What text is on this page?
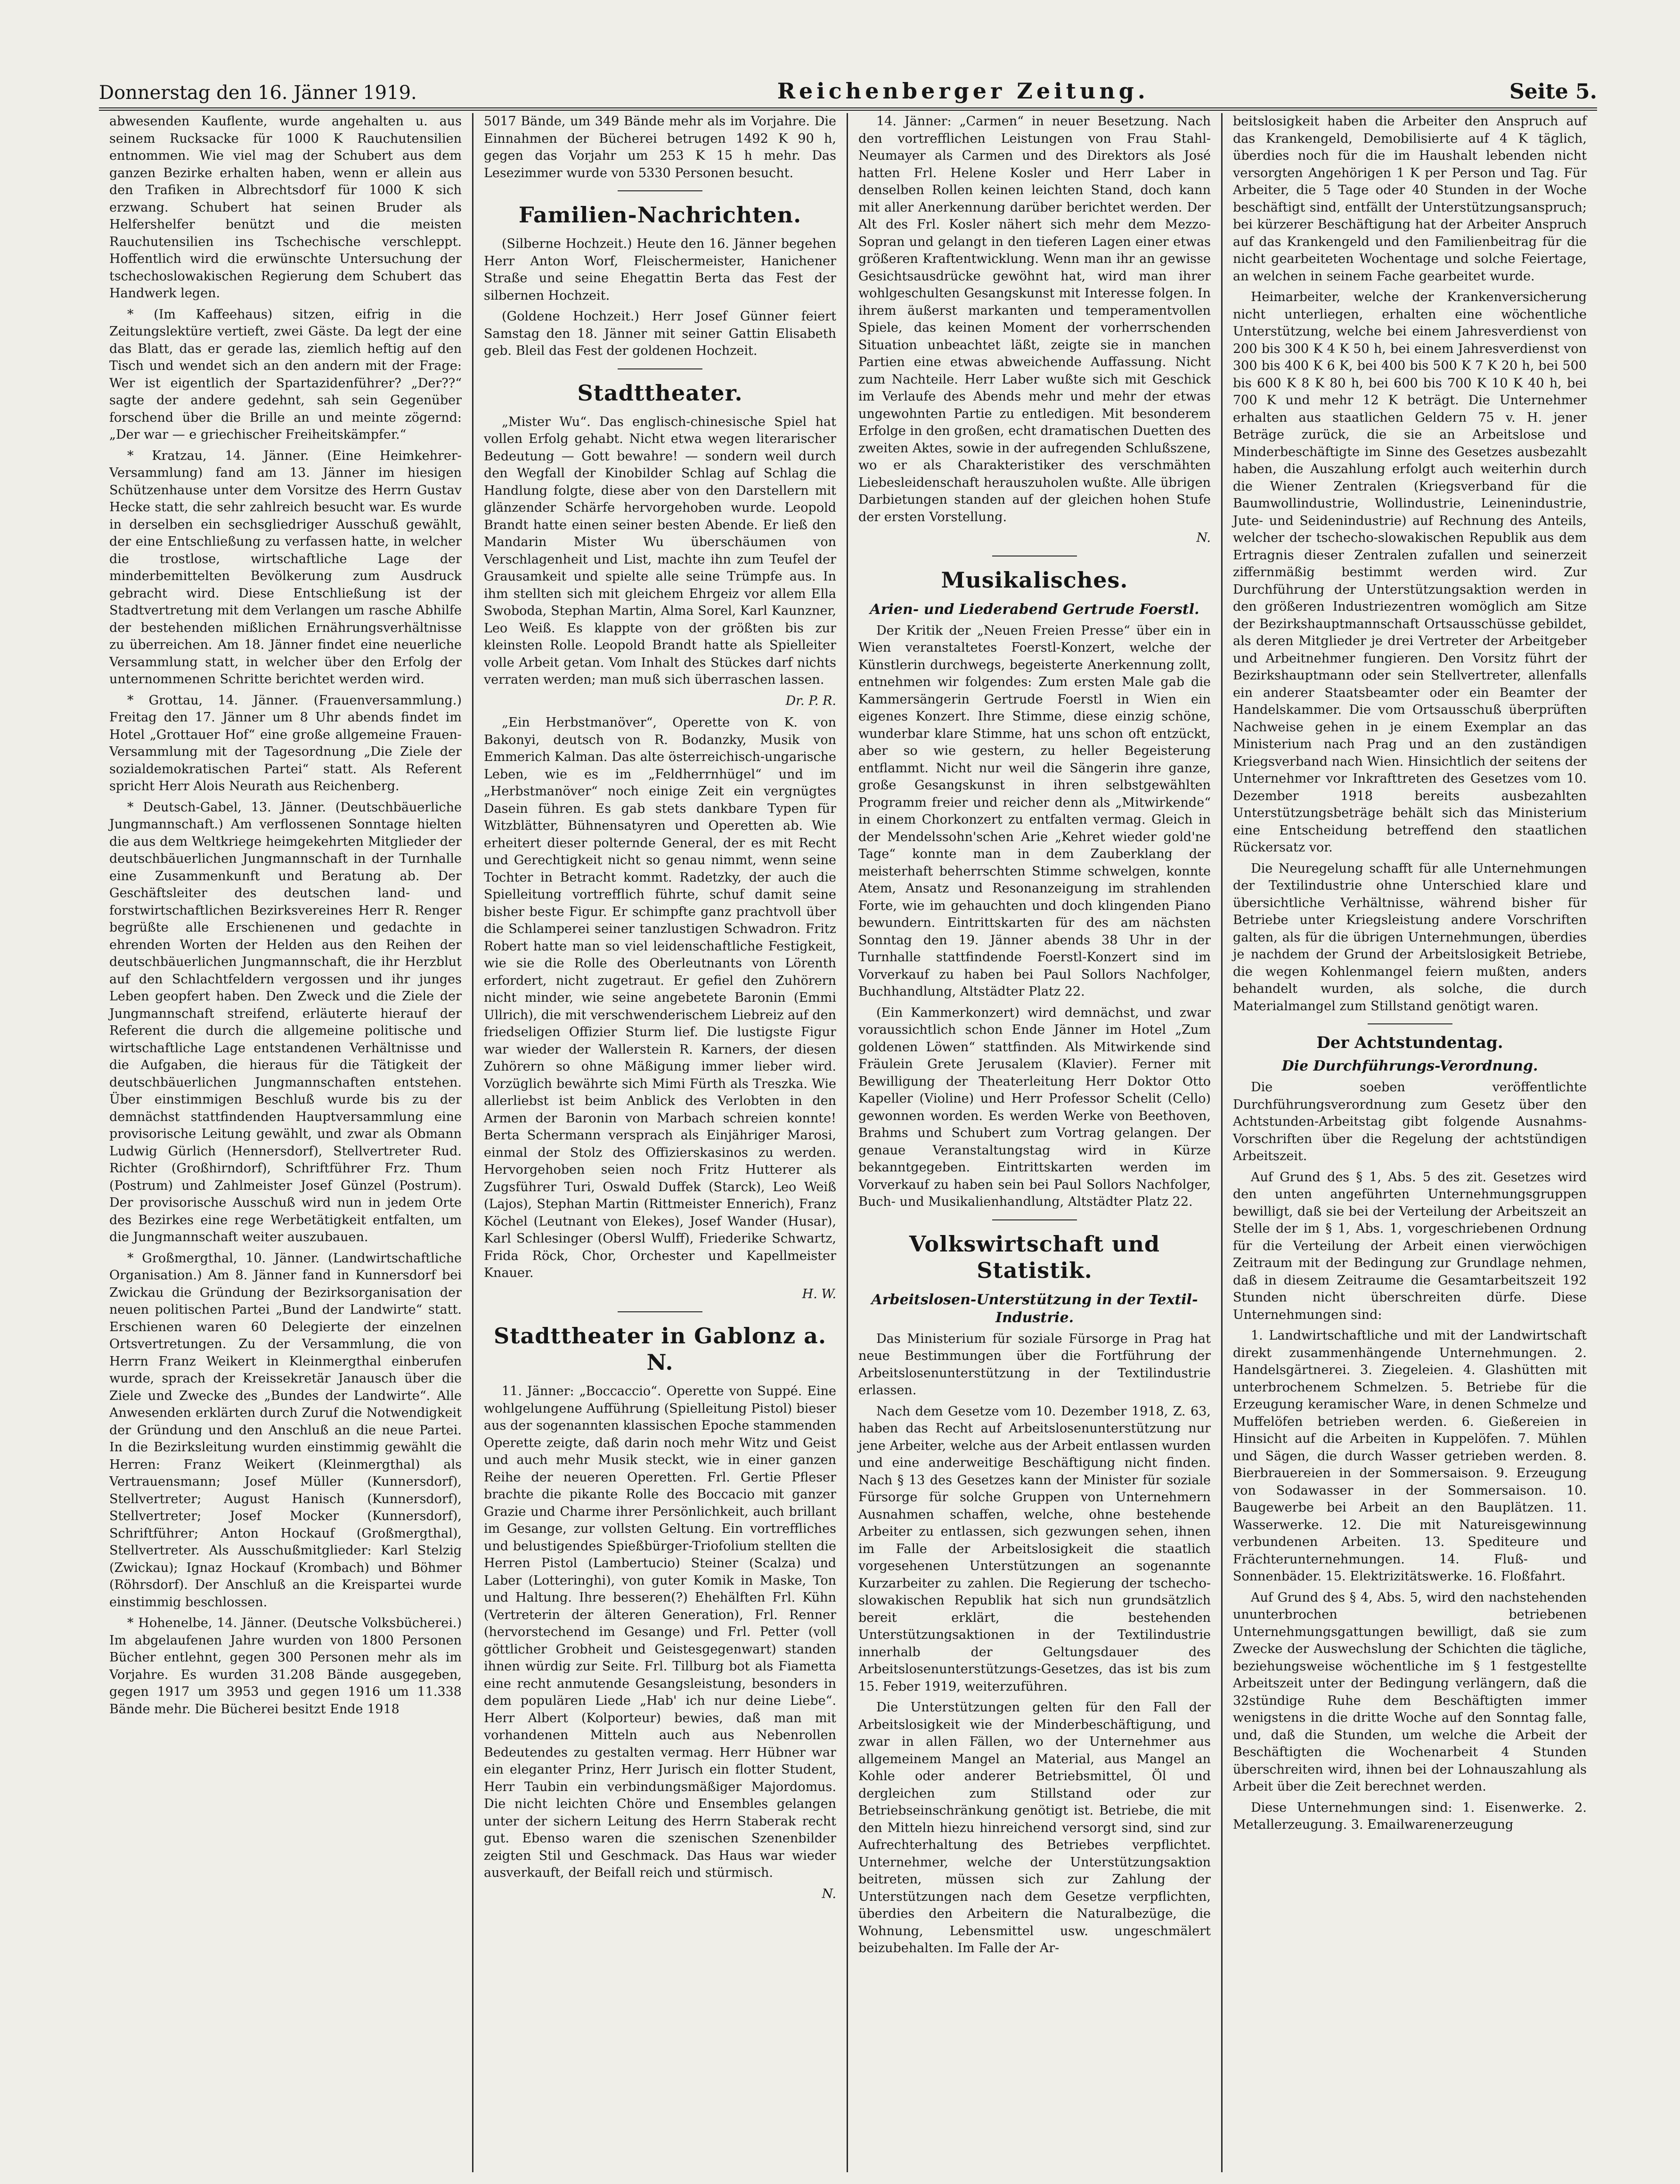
Donnerstag den 16. Jänner 1919.	Reichenberger Zeitung.	Seite 5.

abwesenden Kauflente, wurde angehalten u. aus seinem Rucksacke für 1000 K Rauchutensilien entnommen. Wie viel mag der Schubert aus dem ganzen Bezirke erhalten haben, wenn er allein aus den Trafiken in Albrechtsdorf für 1000 K sich erzwang. Schubert hat seinen Bruder als Helfershelfer benützt und die meisten Rauchutensilien ins Tschechische verschleppt. Hoffentlich wird die erwünschte Untersuchung der tschechoslowakischen Regierung dem Schubert das Handwerk legen.

* (Im Kaffeehaus) sitzen, eifrig in die Zeitungslektüre vertieft, zwei Gäste. Da legt der eine das Blatt, das er gerade las, ziemlich heftig auf den Tisch und wendet sich an den andern mit der Frage: Wer ist eigentlich der Spartazidenführer? „Der??“ sagte der andere gedehnt, sah sein Gegenüber forschend über die Brille an und meinte zögernd: „Der war — e griechischer Freiheitskämpfer.“

* Kratzau, 14. Jänner. (Eine Heimkehrer-Versammlung) fand am 13. Jänner im hiesigen Schützenhause unter dem Vorsitze des Herrn Gustav Hecke statt, die sehr zahlreich besucht war. Es wurde in derselben ein sechsgliedriger Ausschuß gewählt, der eine Entschließung zu verfassen hatte, in welcher die trostlose, wirtschaftliche Lage der minderbemittelten Bevölkerung zum Ausdruck gebracht wird. Diese Entschließung ist der Stadtvertretung mit dem Verlangen um rasche Abhilfe der bestehenden mißlichen Ernährungsverhältnisse zu überreichen. Am 18. Jänner findet eine neuerliche Versammlung statt, in welcher über den Erfolg der unternommenen Schritte berichtet werden wird.

* Grottau, 14. Jänner. (Frauenversammlung.) Freitag den 17. Jänner um 8 Uhr abends findet im Hotel „Grottauer Hof“ eine große allgemeine Frauen-Versammlung mit der Tagesordnung „Die Ziele der sozialdemokratischen Partei“ statt. Als Referent spricht Herr Alois Neurath aus Reichenberg.

* Deutsch-Gabel, 13. Jänner. (Deutschbäuerliche Jungmannschaft.) Am verflossenen Sonntage hielten die aus dem Weltkriege heimgekehrten Mitglieder der deutschbäuerlichen Jungmannschaft in der Turnhalle eine Zusammenkunft und Beratung ab. Der Geschäftsleiter des deutschen land- und forstwirtschaftlichen Bezirksvereines Herr R. Renger begrüßte alle Erschienenen und gedachte in ehrenden Worten der Helden aus den Reihen der deutschbäuerlichen Jungmannschaft, die ihr Herzblut auf den Schlachtfeldern vergossen und ihr junges Leben geopfert haben. Den Zweck und die Ziele der Jungmannschaft streifend, erläuterte hierauf der Referent die durch die allgemeine politische und wirtschaftliche Lage entstandenen Verhältnisse und die Aufgaben, die hieraus für die Tätigkeit der deutschbäuerlichen Jungmannschaften entstehen. Über einstimmigen Beschluß wurde bis zu der demnächst stattfindenden Hauptversammlung eine provisorische Leitung gewählt, und zwar als Obmann Ludwig Gürlich (Hennersdorf), Stellvertreter Rud. Richter (Großhirndorf), Schriftführer Frz. Thum (Postrum) und Zahlmeister Josef Günzel (Postrum). Der provisorische Ausschuß wird nun in jedem Orte des Bezirkes eine rege Werbetätigkeit entfalten, um die Jungmannschaft weiter auszubauen.

* Großmergthal, 10. Jänner. (Landwirtschaftliche Organisation.) Am 8. Jänner fand in Kunnersdorf bei Zwickau die Gründung der Bezirksorganisation der neuen politischen Partei „Bund der Landwirte“ statt. Erschienen waren 60 Delegierte der einzelnen Ortsvertretungen. Zu der Versammlung, die von Herrn Franz Weikert in Kleinmergthal einberufen wurde, sprach der Kreissekretär Janausch über die Ziele und Zwecke des „Bundes der Landwirte“. Alle Anwesenden erklärten durch Zuruf die Notwendigkeit der Gründung und den Anschluß an die neue Partei. In die Bezirksleitung wurden einstimmig gewählt die Herren: Franz Weikert (Kleinmergthal) als Vertrauensmann; Josef Müller (Kunnersdorf), Stellvertreter; August Hanisch (Kunnersdorf), Stellvertreter; Josef Mocker (Kunnersdorf), Schriftführer; Anton Hockauf (Großmergthal), Stellvertreter. Als Ausschußmitglieder: Karl Stelzig (Zwickau); Ignaz Hockauf (Krombach) und Böhmer (Röhrsdorf). Der Anschluß an die Kreispartei wurde einstimmig beschlossen.

* Hohenelbe, 14. Jänner. (Deutsche Volksbücherei.) Im abgelaufenen Jahre wurden von 1800 Personen Bücher entlehnt, gegen 300 Personen mehr als im Vorjahre. Es wurden 31.208 Bände ausgegeben, gegen 1917 um 3953 und gegen 1916 um 11.338 Bände mehr. Die Bücherei besitzt Ende 1918

5017 Bände, um 349 Bände mehr als im Vorjahre. Die Einnahmen der Bücherei betrugen 1492 K 90 h, gegen das Vorjahr um 253 K 15 h mehr. Das Lesezimmer wurde von 5330 Personen besucht.

Familien-Nachrichten.

(Silberne Hochzeit.) Heute den 16. Jänner begehen Herr Anton Worf, Fleischermeister, Hanichener Straße und seine Ehegattin Berta das Fest der silbernen Hochzeit.

(Goldene Hochzeit.) Herr Josef Günner feiert Samstag den 18. Jänner mit seiner Gattin Elisabeth geb. Bleil das Fest der goldenen Hochzeit.

Stadttheater.

„Mister Wu“. Das englisch-chinesische Spiel hat vollen Erfolg gehabt. Nicht etwa wegen literarischer Bedeutung — Gott bewahre! — sondern weil durch den Wegfall der Kinobilder Schlag auf Schlag die Handlung folgte, diese aber von den Darstellern mit glänzender Schärfe hervorgehoben wurde. Leopold Brandt hatte einen seiner besten Abende. Er ließ den Mandarin Mister Wu überschäumen von Verschlagenheit und List, machte ihn zum Teufel der Grausamkeit und spielte alle seine Trümpfe aus. In ihm stellten sich mit gleichem Ehrgeiz vor allem Ella Swoboda, Stephan Martin, Alma Sorel, Karl Kaunzner, Leo Weiß. Es klappte von der größten bis zur kleinsten Rolle. Leopold Brandt hatte als Spielleiter volle Arbeit getan. Vom Inhalt des Stückes darf nichts verraten werden; man muß sich überraschen lassen.

Dr. P. R.

„Ein Herbstmanöver“, Operette von K. von Bakonyi, deutsch von R. Bodanzky, Musik von Emmerich Kalman. Das alte österreichisch-ungarische Leben, wie es im „Feldherrnhügel“ und im „Herbstmanöver“ noch einige Zeit ein vergnügtes Dasein führen. Es gab stets dankbare Typen für Witzblätter, Bühnensatyren und Operetten ab. Wie erheitert dieser polternde General, der es mit Recht und Gerechtigkeit nicht so genau nimmt, wenn seine Tochter in Betracht kommt. Radetzky, der auch die Spielleitung vortrefflich führte, schuf damit seine bisher beste Figur. Er schimpfte ganz prachtvoll über die Schlamperei seiner tanzlustigen Schwadron. Fritz Robert hatte man so viel leidenschaftliche Festigkeit, wie sie die Rolle des Oberleutnants von Lörenth erfordert, nicht zugetraut. Er gefiel den Zuhörern nicht minder, wie seine angebetete Baronin (Emmi Ullrich), die mit verschwenderischem Liebreiz auf den friedseligen Offizier Sturm lief. Die lustigste Figur war wieder der Wallerstein R. Karners, der diesen Zuhörern so ohne Mäßigung immer lieber wird. Vorzüglich bewährte sich Mimi Fürth als Treszka. Wie allerliebst ist beim Anblick des Verlobten in den Armen der Baronin von Marbach schreien konnte! Berta Schermann versprach als Einjähriger Marosi, einmal der Stolz des Offizierskasinos zu werden. Hervorgehoben seien noch Fritz Hutterer als Zugsführer Turi, Oswald Duffek (Starck), Leo Weiß (Lajos), Stephan Martin (Rittmeister Ennerich), Franz Köchel (Leutnant von Elekes), Josef Wander (Husar), Karl Schlesinger (Obersl Wulff), Friederike Schwartz, Frida Röck, Chor, Orchester und Kapellmeister Knauer.

H. W.
Stadttheater in Gablonz a. N.

11. Jänner: „Boccaccio“. Operette von Suppé. Eine wohlgelungene Aufführung (Spielleitung Pistol) bieser aus der sogenannten klassischen Epoche stammenden Operette zeigte, daß darin noch mehr Witz und Geist und auch mehr Musik steckt, wie in einer ganzen Reihe der neueren Operetten. Frl. Gertie Pfleser brachte die pikante Rolle des Boccacio mit ganzer Grazie und Charme ihrer Persönlichkeit, auch brillant im Gesange, zur vollsten Geltung. Ein vortreffliches und belustigendes Spießbürger-Triofolium stellten die Herren Pistol (Lambertucio) Steiner (Scalza) und Laber (Lotteringhi), von guter Komik in Maske, Ton und Haltung. Ihre besseren(?) Ehehälften Frl. Kühn (Vertreterin der älteren Generation), Frl. Renner (hervorstechend im Gesange) und Frl. Petter (voll göttlicher Grobheit und Geistesgegenwart) standen ihnen würdig zur Seite. Frl. Tillburg bot als Fiametta eine recht anmutende Gesangsleistung, besonders in dem populären Liede „Hab' ich nur deine Liebe“. Herr Albert (Kolporteur) bewies, daß man mit vorhandenen Mitteln auch aus Nebenrollen Bedeutendes zu gestalten vermag. Herr Hübner war ein eleganter Prinz, Herr Jurisch ein flotter Student, Herr Taubin ein verbindungsmäßiger Majordomus. Die nicht leichten Chöre und Ensembles gelangen unter der sichern Leitung des Herrn Staberak recht gut. Ebenso waren die szenischen Szenenbilder zeigten Stil und Geschmack. Das Haus war wieder ausverkauft, der Beifall reich und stürmisch.

N.

14. Jänner: „Carmen“ in neuer Besetzung. Nach den vortrefflichen Leistungen von Frau Stahl-Neumayer als Carmen und des Direktors als José hatten Frl. Helene Kosler und Herr Laber in denselben Rollen keinen leichten Stand, doch kann mit aller Anerkennung darüber berichtet werden. Der Alt des Frl. Kosler nähert sich mehr dem Mezzo-Sopran und gelangt in den tieferen Lagen einer etwas größeren Kraftentwicklung. Wenn man ihr an gewisse Gesichtsausdrücke gewöhnt hat, wird man ihrer wohlgeschulten Gesangskunst mit Interesse folgen. In ihrem äußerst markanten und temperamentvollen Spiele, das keinen Moment der vorherrschenden Situation unbeachtet läßt, zeigte sie in manchen Partien eine etwas abweichende Auffassung. Nicht zum Nachteile. Herr Laber wußte sich mit Geschick im Verlaufe des Abends mehr und mehr der etwas ungewohnten Partie zu entledigen. Mit besonderem Erfolge in den großen, echt dramatischen Duetten des zweiten Aktes, sowie in der aufregenden Schlußszene, wo er als Charakteristiker des verschmähten Liebesleidenschaft herauszuholen wußte. Alle übrigen Darbietungen standen auf der gleichen hohen Stufe der ersten Vorstellung.

N.
Musikalisches.
Arien- und Liederabend Gertrude Foerstl.

Der Kritik der „Neuen Freien Presse“ über ein in Wien veranstaltetes Foerstl-Konzert, welche der Künstlerin durchwegs, begeisterte Anerkennung zollt, entnehmen wir folgendes: Zum ersten Male gab die Kammersängerin Gertrude Foerstl in Wien ein eigenes Konzert. Ihre Stimme, diese einzig schöne, wunderbar klare Stimme, hat uns schon oft entzückt, aber so wie gestern, zu heller Begeisterung entflammt. Nicht nur weil die Sängerin ihre ganze, große Gesangskunst in ihren selbstgewählten Programm freier und reicher denn als „Mitwirkende“ in einem Chorkonzert zu entfalten vermag. Gleich in der Mendelssohn'schen Arie „Kehret wieder gold'ne Tage“ konnte man in dem Zauberklang der meisterhaft beherrschten Stimme schwelgen, konnte Atem, Ansatz und Resonanzeigung im strahlenden Forte, wie im gehauchten und doch klingenden Piano bewundern. Eintrittskarten für des am nächsten Sonntag den 19. Jänner abends 38 Uhr in der Turnhalle stattfindende Foerstl-Konzert sind im Vorverkauf zu haben bei Paul Sollors Nachfolger, Buchhandlung, Altstädter Platz 22.

(Ein Kammerkonzert) wird demnächst, und zwar voraussichtlich schon Ende Jänner im Hotel „Zum goldenen Löwen“ stattfinden. Als Mitwirkende sind Fräulein Grete Jerusalem (Klavier). Ferner mit Bewilligung der Theaterleitung Herr Doktor Otto Kapeller (Violine) und Herr Professor Schelit (Cello) gewonnen worden. Es werden Werke von Beethoven, Brahms und Schubert zum Vortrag gelangen. Der genaue Veranstaltungstag wird in Kürze bekanntgegeben. Eintrittskarten werden im Vorverkauf zu haben sein bei Paul Sollors Nachfolger, Buch- und Musikalienhandlung, Altstädter Platz 22.

Volkswirtschaft und Statistik.
Arbeitslosen-Unterstützung in der Textil-Industrie.

Das Ministerium für soziale Fürsorge in Prag hat neue Bestimmungen über die Fortführung der Arbeitslosenunterstützung in der Textilindustrie erlassen.

Nach dem Gesetze vom 10. Dezember 1918, Z. 63, haben das Recht auf Arbeitslosenunterstützung nur jene Arbeiter, welche aus der Arbeit entlassen wurden und eine anderweitige Beschäftigung nicht finden. Nach § 13 des Gesetzes kann der Minister für soziale Fürsorge für solche Gruppen von Unternehmern Ausnahmen schaffen, welche, ohne bestehende Arbeiter zu entlassen, sich gezwungen sehen, ihnen im Falle der Arbeitslosigkeit die staatlich vorgesehenen Unterstützungen an sogenannte Kurzarbeiter zu zahlen. Die Regierung der tschecho-slowakischen Republik hat sich nun grundsätzlich bereit erklärt, die bestehenden Unterstützungsaktionen in der Textilindustrie innerhalb der Geltungsdauer des Arbeitslosenunterstützungs-Gesetzes, das ist bis zum 15. Feber 1919, weiterzuführen.

Die Unterstützungen gelten für den Fall der Arbeitslosigkeit wie der Minderbeschäftigung, und zwar in allen Fällen, wo der Unternehmer aus allgemeinem Mangel an Material, aus Mangel an Kohle oder anderer Betriebsmittel, Öl und dergleichen zum Stillstand oder zur Betriebseinschränkung genötigt ist. Betriebe, die mit den Mitteln hiezu hinreichend versorgt sind, sind zur Aufrechterhaltung des Betriebes verpflichtet. Unternehmer, welche der Unterstützungsaktion beitreten, müssen sich zur Zahlung der Unterstützungen nach dem Gesetze verpflichten, überdies den Arbeitern die Naturalbezüge, die Wohnung, Lebensmittel usw. ungeschmälert beizubehalten. Im Falle der Ar-

beitslosigkeit haben die Arbeiter den Anspruch auf das Krankengeld, Demobilisierte auf 4 K täglich, überdies noch für die im Haushalt lebenden nicht versorgten Angehörigen 1 K per Person und Tag. Für Arbeiter, die 5 Tage oder 40 Stunden in der Woche beschäftigt sind, entfällt der Unterstützungsanspruch; bei kürzerer Beschäftigung hat der Arbeiter Anspruch auf das Krankengeld und den Familienbeitrag für die nicht gearbeiteten Wochentage und solche Feiertage, an welchen in seinem Fache gearbeitet wurde.

Heimarbeiter, welche der Krankenversicherung nicht unterliegen, erhalten eine wöchentliche Unterstützung, welche bei einem Jahresverdienst von 200 bis 300 K 4 K 50 h, bei einem Jahresverdienst von 300 bis 400 K 6 K, bei 400 bis 500 K 7 K 20 h, bei 500 bis 600 K 8 K 80 h, bei 600 bis 700 K 10 K 40 h, bei 700 K und mehr 12 K beträgt. Die Unternehmer erhalten aus staatlichen Geldern 75 v. H. jener Beträge zurück, die sie an Arbeitslose und Minderbeschäftigte im Sinne des Gesetzes ausbezahlt haben, die Auszahlung erfolgt auch weiterhin durch die Wiener Zentralen (Kriegsverband für die Baumwollindustrie, Wollindustrie, Leinenindustrie, Jute- und Seidenindustrie) auf Rechnung des Anteils, welcher der tschecho-slowakischen Republik aus dem Ertragnis dieser Zentralen zufallen und seinerzeit ziffernmäßig bestimmt werden wird. Zur Durchführung der Unterstützungsaktion werden in den größeren Industriezentren womöglich am Sitze der Bezirkshauptmannschaft Ortsausschüsse gebildet, als deren Mitglieder je drei Vertreter der Arbeitgeber und Arbeitnehmer fungieren. Den Vorsitz führt der Bezirkshauptmann oder sein Stellvertreter, allenfalls ein anderer Staatsbeamter oder ein Beamter der Handelskammer. Die vom Ortsausschuß überprüften Nachweise gehen in je einem Exemplar an das Ministerium nach Prag und an den zuständigen Kriegsverband nach Wien. Hinsichtlich der seitens der Unternehmer vor Inkrafttreten des Gesetzes vom 10. Dezember 1918 bereits ausbezahlten Unterstützungsbeträge behält sich das Ministerium eine Entscheidung betreffend den staatlichen Rückersatz vor.

Die Neuregelung schafft für alle Unternehmungen der Textilindustrie ohne Unterschied klare und übersichtliche Verhältnisse, während bisher für Betriebe unter Kriegsleistung andere Vorschriften galten, als für die übrigen Unternehmungen, überdies je nachdem der Grund der Arbeitslosigkeit Betriebe, die wegen Kohlenmangel feiern mußten, anders behandelt wurden, als solche, die durch Materialmangel zum Stillstand genötigt waren.

Der Achtstundentag.
Die Durchführungs-Verordnung.

Die soeben veröffentlichte Durchführungsverordnung zum Gesetz über den Achtstunden-Arbeitstag gibt folgende Ausnahms-Vorschriften über die Regelung der achtstündigen Arbeitszeit.

Auf Grund des § 1, Abs. 5 des zit. Gesetzes wird den unten angeführten Unternehmungsgruppen bewilligt, daß sie bei der Verteilung der Arbeitszeit an Stelle der im § 1, Abs. 1, vorgeschriebenen Ordnung für die Verteilung der Arbeit einen vierwöchigen Zeitraum mit der Bedingung zur Grundlage nehmen, daß in diesem Zeitraume die Gesamtarbeitszeit 192 Stunden nicht überschreiten dürfe. Diese Unternehmungen sind:

1. Landwirtschaftliche und mit der Landwirtschaft direkt zusammenhängende Unternehmungen. 2. Handelsgärtnerei. 3. Ziegeleien. 4. Glashütten mit unterbrochenem Schmelzen. 5. Betriebe für die Erzeugung keramischer Ware, in denen Schmelze und Muffelöfen betrieben werden. 6. Gießereien in Hinsicht auf die Arbeiten in Kuppelöfen. 7. Mühlen und Sägen, die durch Wasser getrieben werden. 8. Bierbrauereien in der Sommersaison. 9. Erzeugung von Sodawasser in der Sommersaison. 10. Baugewerbe bei Arbeit an den Bauplätzen. 11. Wasserwerke. 12. Die mit Natureisgewinnung verbundenen Arbeiten. 13. Spediteure und Frächterunternehmungen. 14. Fluß- und Sonnenbäder. 15. Elektrizitätswerke. 16. Floßfahrt.

Auf Grund des § 4, Abs. 5, wird den nachstehenden ununterbrochen betriebenen Unternehmungsgattungen bewilligt, daß sie zum Zwecke der Auswechslung der Schichten die tägliche, beziehungsweise wöchentliche im § 1 festgestellte Arbeitszeit unter der Bedingung verlängern, daß die 32stündige Ruhe dem Beschäftigten immer wenigstens in die dritte Woche auf den Sonntag falle, und, daß die Stunden, um welche die Arbeit der Beschäftigten die Wochenarbeit 4 Stunden überschreiten wird, ihnen bei der Lohnauszahlung als Arbeit über die Zeit berechnet werden.

Diese Unternehmungen sind: 1. Eisenwerke. 2. Metallerzeugung. 3. Emailwarenerzeugung
